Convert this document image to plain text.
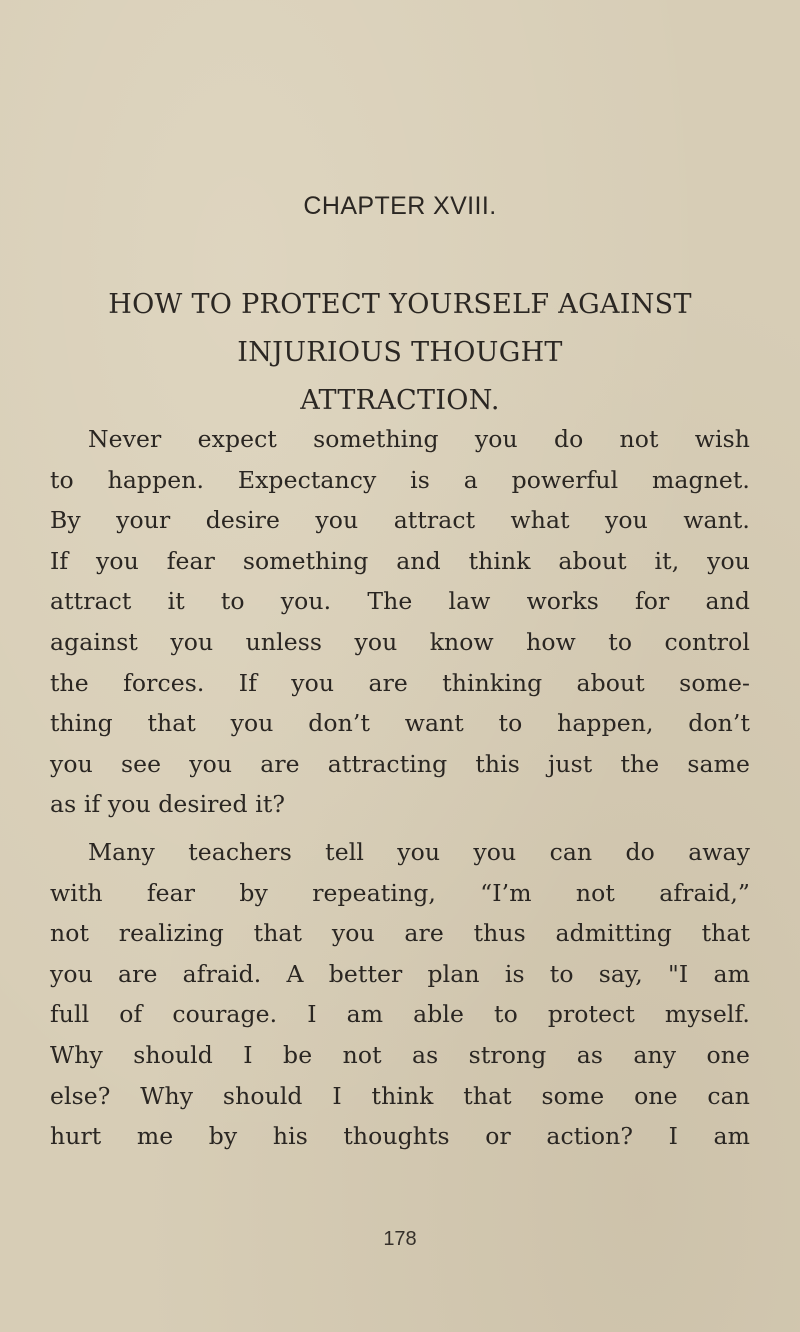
CHAPTER XVIII.
HOW TO PROTECT YOURSELF AGAINST
INJURIOUS THOUGHT
ATTRACTION.
Never expect something you do not wish
to happen. Expectancy is a powerful magnet.
By your desire you attract what you want.
If you fear something and think about it, you
attract it to you. The law works for and
against you unless you know how to control
the forces. If you are thinking about some-
thing that you don’t want to happen, don’t
you see you are attracting this just the same
as if you desired it?
Many teachers tell you you can do away
with fear by repeating, “I’m not afraid,”
not realizing that you are thus admitting that
you are afraid. A better plan is to say, "I am
full of courage. I am able to protect myself.
Why should I be not as strong as any one
else? Why should I think that some one can
hurt me by his thoughts or action? I am
178
